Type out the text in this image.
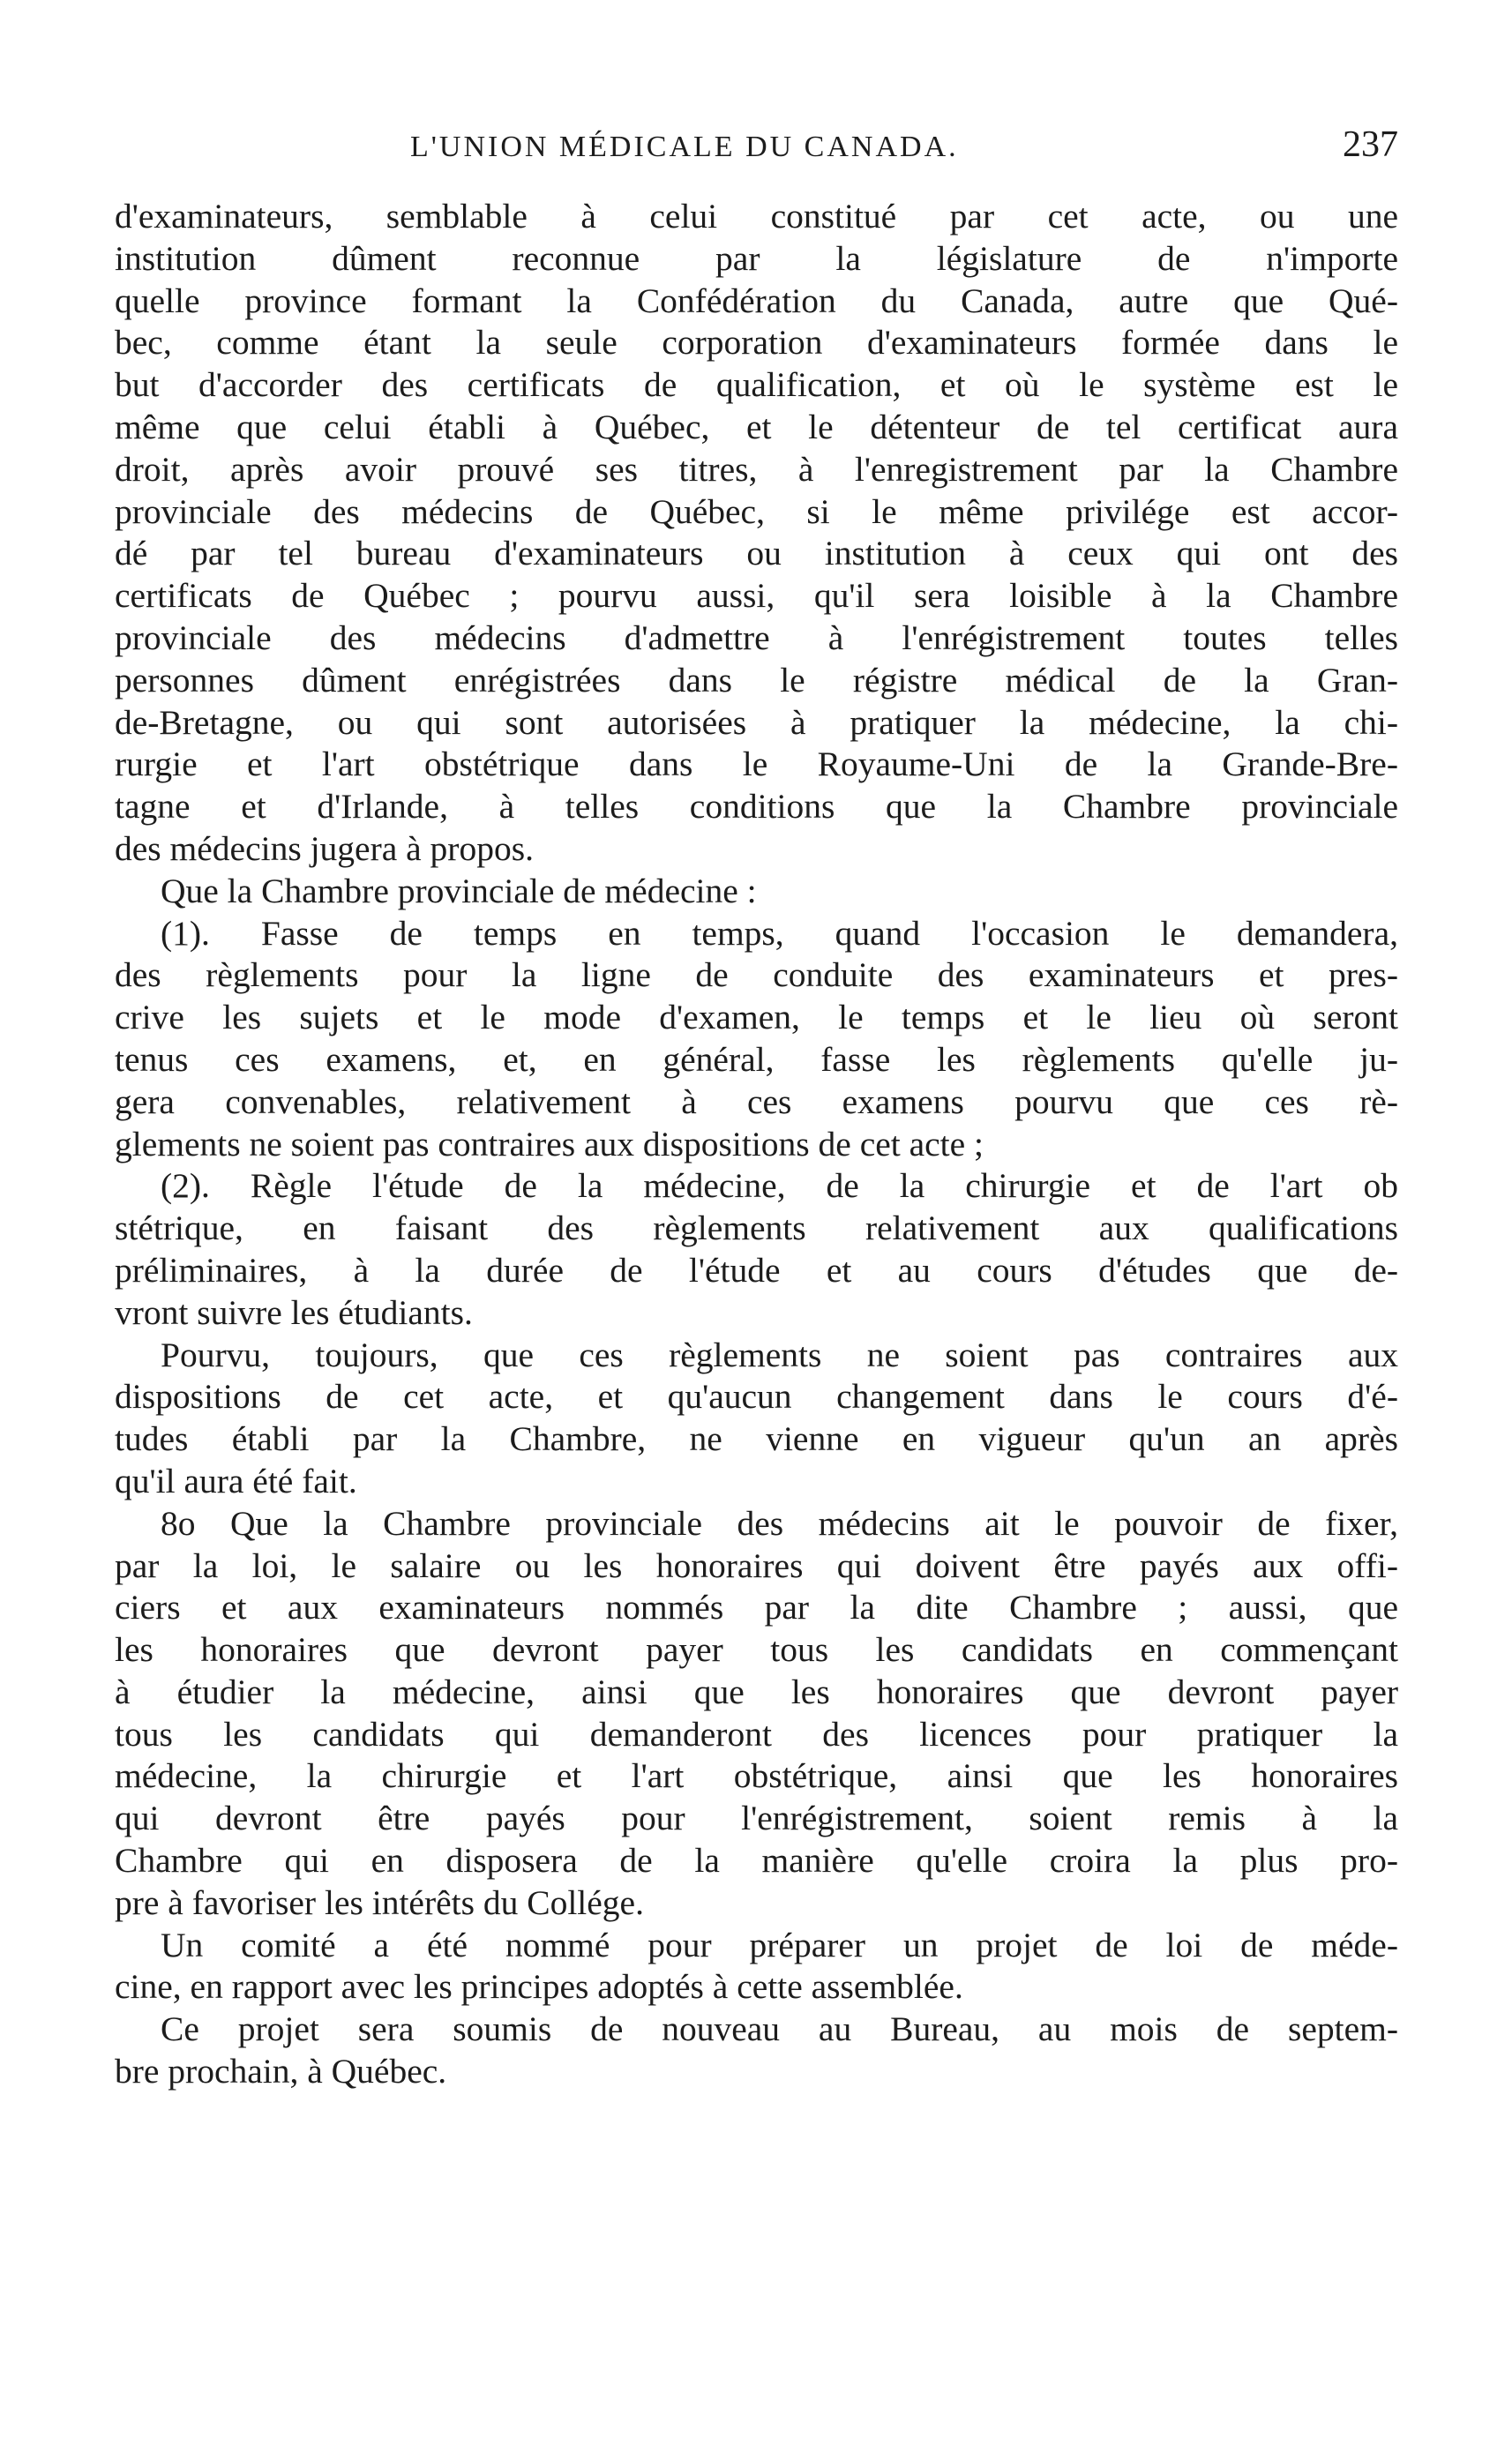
L'UNION MÉDICALE DU CANADA.	237
d'examinateurs, semblable à celui constitué par cet acte, ou une
institution dûment reconnue par la législature de n'importe
quelle province formant la Confédération du Canada, autre que Qué-
bec, comme étant la seule corporation d'examinateurs formée dans le
but d'accorder des certificats de qualification, et où le système est le
même que celui établi à Québec, et le détenteur de tel certificat aura
droit, après avoir prouvé ses titres, à l'enregistrement par la Chambre
provinciale des médecins de Québec, si le même privilége est accor-
dé par tel bureau d'examinateurs ou institution à ceux qui ont des
certificats de Québec ; pourvu aussi, qu'il sera loisible à la Chambre
provinciale des médecins d'admettre à l'enrégistrement toutes telles
personnes dûment enrégistrées dans le régistre médical de la Gran-
de-Bretagne, ou qui sont autorisées à pratiquer la médecine, la chi-
rurgie et l'art obstétrique dans le Royaume-Uni de la Grande-Bre-
tagne et d'Irlande, à telles conditions que la Chambre provinciale
des médecins jugera à propos.
Que la Chambre provinciale de médecine :
(1). Fasse de temps en temps, quand l'occasion le demandera,
des règlements pour la ligne de conduite des examinateurs et pres-
crive les sujets et le mode d'examen, le temps et le lieu où seront
tenus ces examens, et, en général, fasse les règlements qu'elle ju-
gera convenables, relativement à ces examens pourvu que ces rè-
glements ne soient pas contraires aux dispositions de cet acte ;
(2). Règle l'étude de la médecine, de la chirurgie et de l'art ob
stétrique, en faisant des règlements relativement aux qualifications
préliminaires, à la durée de l'étude et au cours d'études que de-
vront suivre les étudiants.
Pourvu, toujours, que ces règlements ne soient pas contraires aux
dispositions de cet acte, et qu'aucun changement dans le cours d'é-
tudes établi par la Chambre, ne vienne en vigueur qu'un an après
qu'il aura été fait.
8o Que la Chambre provinciale des médecins ait le pouvoir de fixer,
par la loi, le salaire ou les honoraires qui doivent être payés aux offi-
ciers et aux examinateurs nommés par la dite Chambre ; aussi, que
les honoraires que devront payer tous les candidats en commençant
à étudier la médecine, ainsi que les honoraires que devront payer
tous les candidats qui demanderont des licences pour pratiquer la
médecine, la chirurgie et l'art obstétrique, ainsi que les honoraires
qui devront être payés pour l'enrégistrement, soient remis à la
Chambre qui en disposera de la manière qu'elle croira la plus pro-
pre à favoriser les intérêts du Collége.
Un comité a été nommé pour préparer un projet de loi de méde-
cine, en rapport avec les principes adoptés à cette assemblée.
Ce projet sera soumis de nouveau au Bureau, au mois de septem-
bre prochain, à Québec.
